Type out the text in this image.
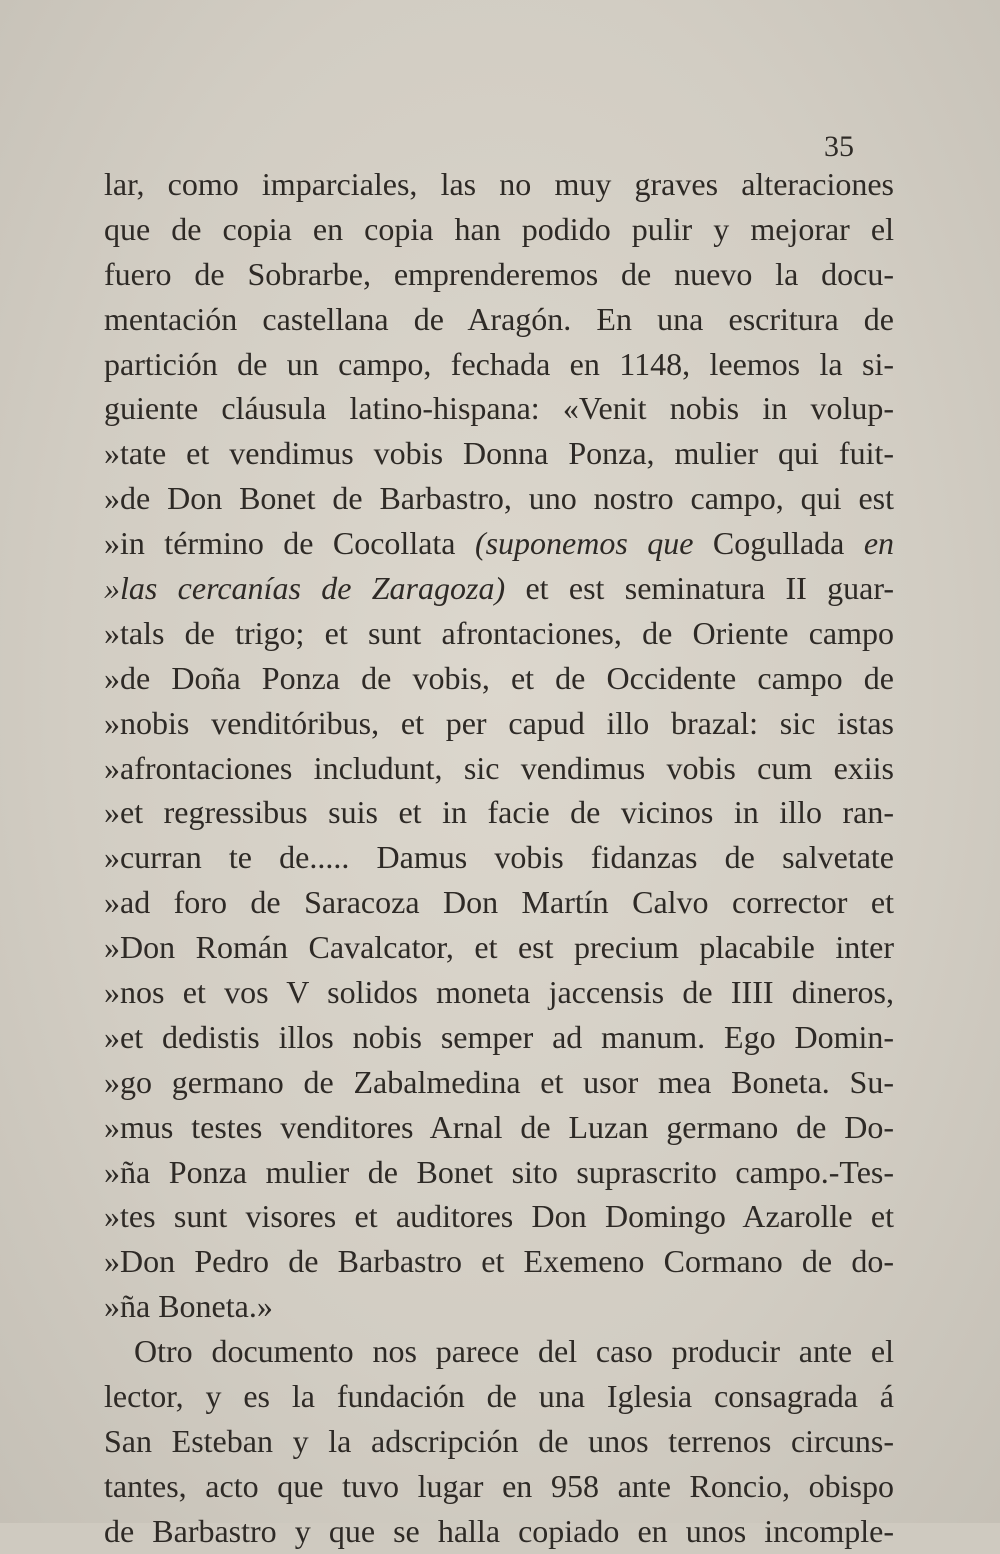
35
lar, como imparciales, las no muy graves alteraciones
que de copia en copia han podido pulir y mejorar el
fuero de Sobrarbe, emprenderemos de nuevo la docu-
mentación castellana de Aragón. En una escritura de
partición de un campo, fechada en 1148, leemos la si-
guiente cláusula latino-hispana: «Venit nobis in volup-
»tate et vendimus vobis Donna Ponza, mulier qui fuit-
»de Don Bonet de Barbastro, uno nostro campo, qui est
»in término de Cocollata (suponemos que Cogullada en
»las cercanías de Zaragoza) et est seminatura II guar-
»tals de trigo; et sunt afrontaciones, de Oriente campo
»de Doña Ponza de vobis, et de Occidente campo de
»nobis venditóribus, et per capud illo brazal: sic istas
»afrontaciones includunt, sic vendimus vobis cum exiis
»et regressibus suis et in facie de vicinos in illo ran-
»curran te de..... Damus vobis fidanzas de salvetate
»ad foro de Saracoza Don Martín Calvo corrector et
»Don Román Cavalcator, et est precium placabile inter
»nos et vos V solidos moneta jaccensis de IIII dineros,
»et dedistis illos nobis semper ad manum. Ego Domin-
»go germano de Zabalmedina et usor mea Boneta. Su-
»mus testes venditores Arnal de Luzan germano de Do-
»ña Ponza mulier de Bonet sito suprascrito campo.-Tes-
»tes sunt visores et auditores Don Domingo Azarolle et
»Don Pedro de Barbastro et Exemeno Cormano de do-
»ña Boneta.»
Otro documento nos parece del caso producir ante el
lector, y es la fundación de una Iglesia consagrada á
San Esteban y la adscripción de unos terrenos circuns-
tantes, acto que tuvo lugar en 958 ante Roncio, obispo
de Barbastro y que se halla copiado en unos incomple-
